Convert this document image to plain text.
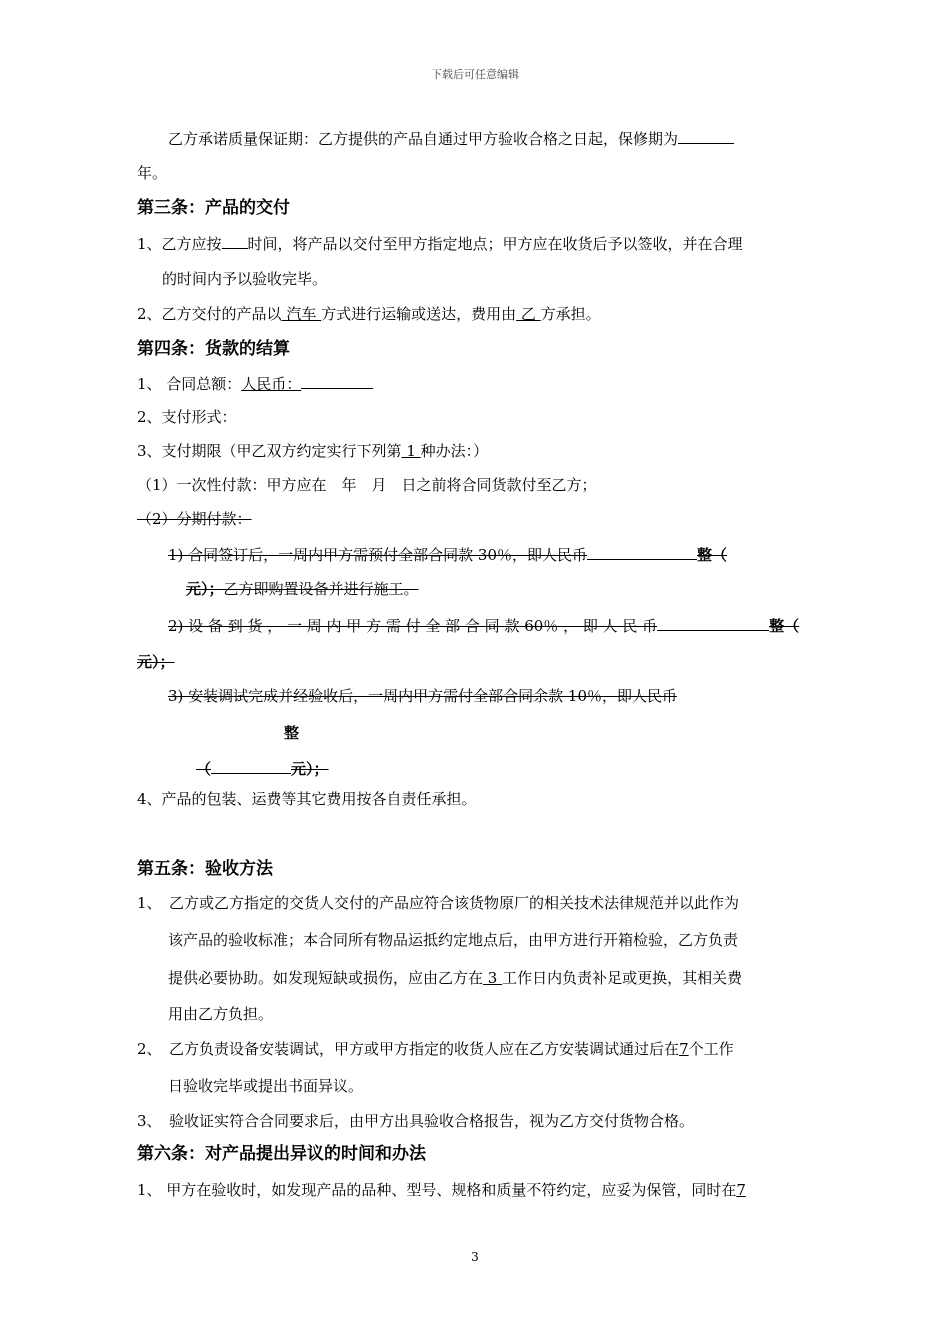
下载后可任意编辑
乙方承诺质量保证期：乙方提供的产品自通过甲方验收合格之日起，保修期为
年。
第三条：产品的交付
1、乙方应按 时间，将产品以交付至甲方指定地点；甲方应在收货后予以签收，并在合理
的时间内予以验收完毕。
2、乙方交付的产品以 汽车 方式进行运输或送达，费用由 乙 方承担。
第四条：货款的结算
1、 合同总额：人民币：
2、支付形式：
3、支付期限（甲乙双方约定实行下列第 1 种办法：）
（1）一次性付款：甲方应在　年　月　日之前将合同货款付至乙方；
（2）分期付款：
1) 合同签订后，一周内甲方需预付全部合同款 30％，即人民币	整（
元）；乙方即购置设备并进行施工。
2) 设 备 到 货 ， 一 周 内 甲 方 需 付 全 部 合 同 款 60％ ， 即 人 民 币	整（
元）；
3) 安装调试完成并经验收后，一周内甲方需付全部合同余款 10％，即人民币
整
（	元）；
4、产品的包装、运费等其它费用按各自责任承担。
第五条：验收方法
1、　乙方或乙方指定的交货人交付的产品应符合该货物原厂的相关技术法律规范并以此作为
该产品的验收标准；本合同所有物品运抵约定地点后，由甲方进行开箱检验，乙方负责
提供必要协助。如发现短缺或损伤，应由乙方在 3 工作日内负责补足或更换，其相关费
用由乙方负担。
2、　乙方负责设备安装调试，甲方或甲方指定的收货人应在乙方安装调试通过后在7个工作
日验收完毕或提出书面异议。
3、　验收证实符合合同要求后，由甲方出具验收合格报告，视为乙方交付货物合格。
第六条：对产品提出异议的时间和办法
1、 甲方在验收时，如发现产品的品种、型号、规格和质量不符约定，应妥为保管，同时在7
3
